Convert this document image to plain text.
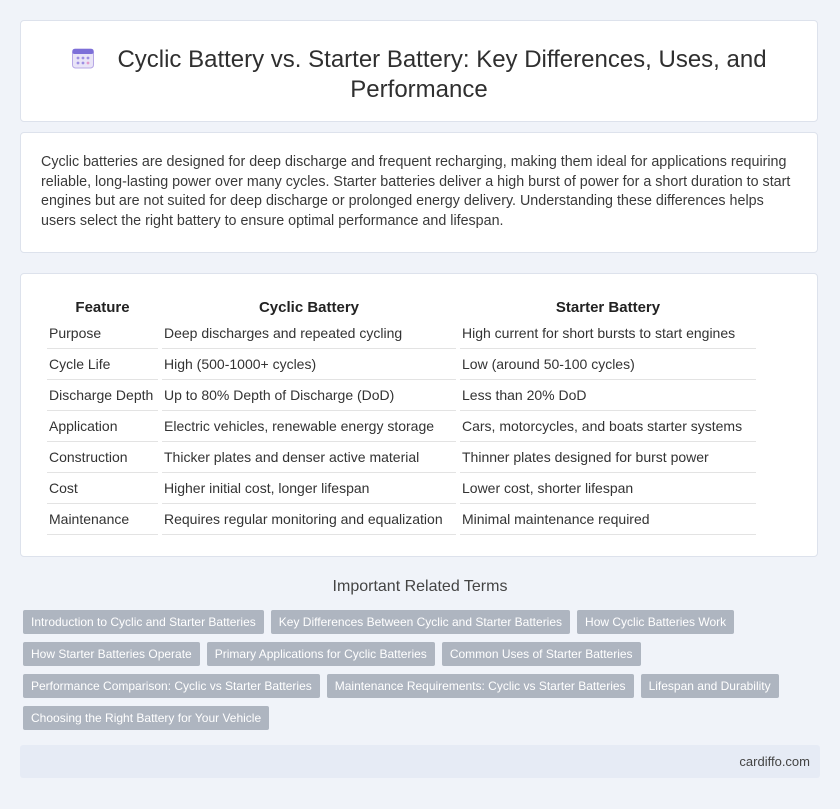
Cyclic Battery vs. Starter Battery: Key Differences, Uses, and Performance

Cyclic batteries are designed for deep discharge and frequent recharging, making them ideal for applications requiring reliable, long-lasting power over many cycles. Starter batteries deliver a high burst of power for a short duration to start engines but are not suited for deep discharge or prolonged energy delivery. Understanding these differences helps users select the right battery to ensure optimal performance and lifespan.

Feature	Cyclic Battery	Starter Battery
Purpose	Deep discharges and repeated cycling	High current for short bursts to start engines
Cycle Life	High (500-1000+ cycles)	Low (around 50-100 cycles)
Discharge Depth	Up to 80% Depth of Discharge (DoD)	Less than 20% DoD
Application	Electric vehicles, renewable energy storage	Cars, motorcycles, and boats starter systems
Construction	Thicker plates and denser active material	Thinner plates designed for burst power
Cost	Higher initial cost, longer lifespan	Lower cost, shorter lifespan
Maintenance	Requires regular monitoring and equalization	Minimal maintenance required
Important Related Terms
Introduction to Cyclic and Starter Batteries Key Differences Between Cyclic and Starter Batteries How Cyclic Batteries Work
How Starter Batteries Operate Primary Applications for Cyclic Batteries Common Uses of Starter Batteries
Performance Comparison: Cyclic vs Starter Batteries Maintenance Requirements: Cyclic vs Starter Batteries Lifespan and Durability
Choosing the Right Battery for Your Vehicle
cardiffo.com
